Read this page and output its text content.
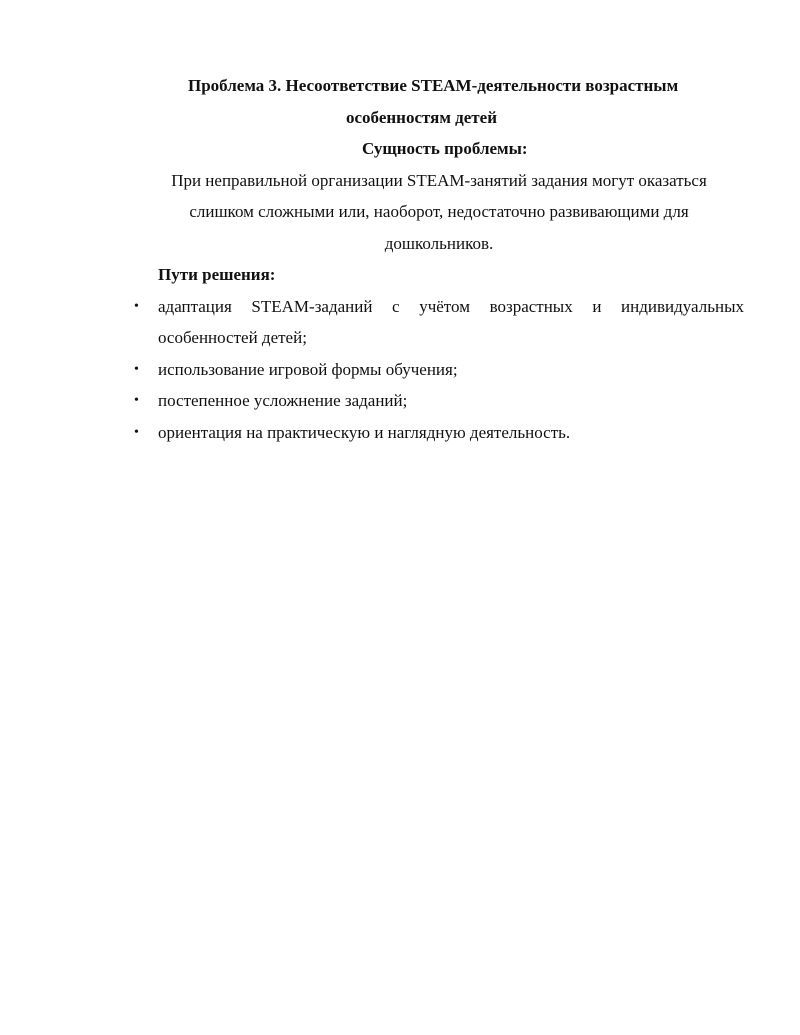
Проблема 3. Несоответствие STEAM-деятельности возрастным
особенностям детей

Сущность проблемы:

При неправильной организации STEAM-занятий задания могут оказаться
слишком сложными или, наоборот, недостаточно развивающими для
дошкольников.

Пути решения:

• адаптация STEAM-заданий с учётом возрастных и индивидуальных особенностей детей;
• использование игровой формы обучения;
• постепенное усложнение заданий;
• ориентация на практическую и наглядную деятельность.
